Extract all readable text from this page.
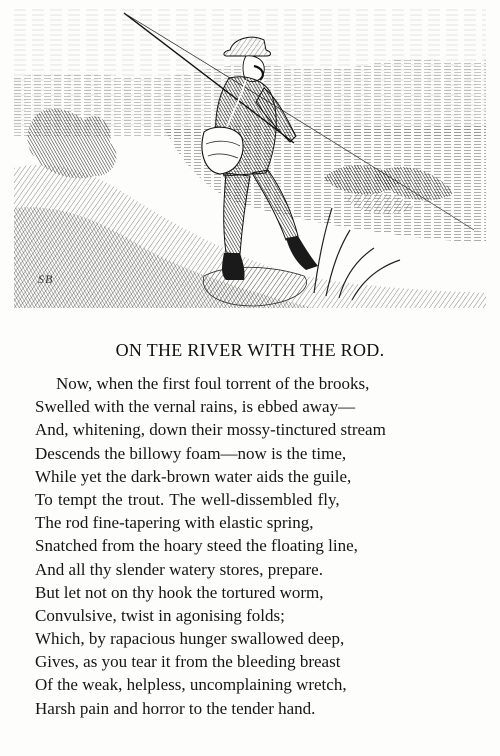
SB
ON THE RIVER WITH THE ROD.
Now, when the first foul torrent of the brooks,
Swelled with the vernal rains, is ebbed away—
And, whitening, down their mossy-tinctured stream
Descends the billowy foam—now is the time,
While yet the dark-brown water aids the guile,
To tempt the trout. The well-dissembled fly,
The rod fine-tapering with elastic spring,
Snatched from the hoary steed the floating line,
And all thy slender watery stores, prepare.
But let not on thy hook the tortured worm,
Convulsive, twist in agonising folds;
Which, by rapacious hunger swallowed deep,
Gives, as you tear it from the bleeding breast
Of the weak, helpless, uncomplaining wretch,
Harsh pain and horror to the tender hand.
